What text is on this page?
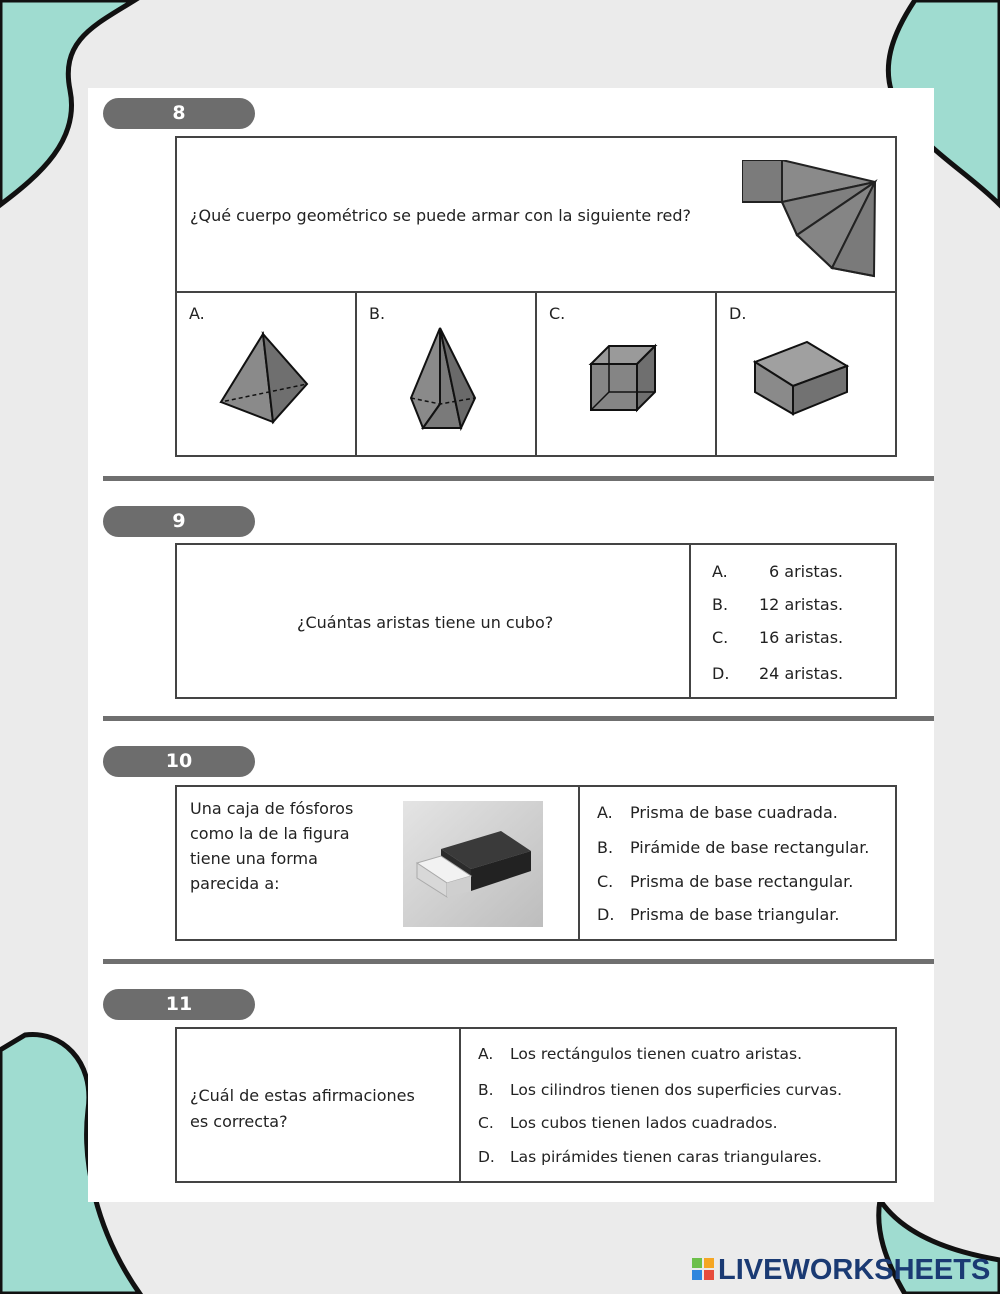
8
¿Qué cuerpo geométrico se puede armar con la siguiente red?
A.	B.	C.	D.
9
¿Cuántas aristas tiene un cubo?
A.	6 aristas.
B. 12 aristas.
C. 16 aristas.
D. 24 aristas.
10
Una caja de fósforos
como la de la figura
tiene una forma
parecida a:
A. Prisma de base cuadrada.
B. Pirámide de base rectangular.
C. Prisma de base rectangular.
D. Prisma de base triangular.
11
¿Cuál de estas afirmaciones
es correcta?
A. Los rectángulos tienen cuatro aristas.
B. Los cilindros tienen dos superficies curvas.
C. Los cubos tienen lados cuadrados.
D. Las pirámides tienen caras triangulares.
LIVEWORKSHEETS
